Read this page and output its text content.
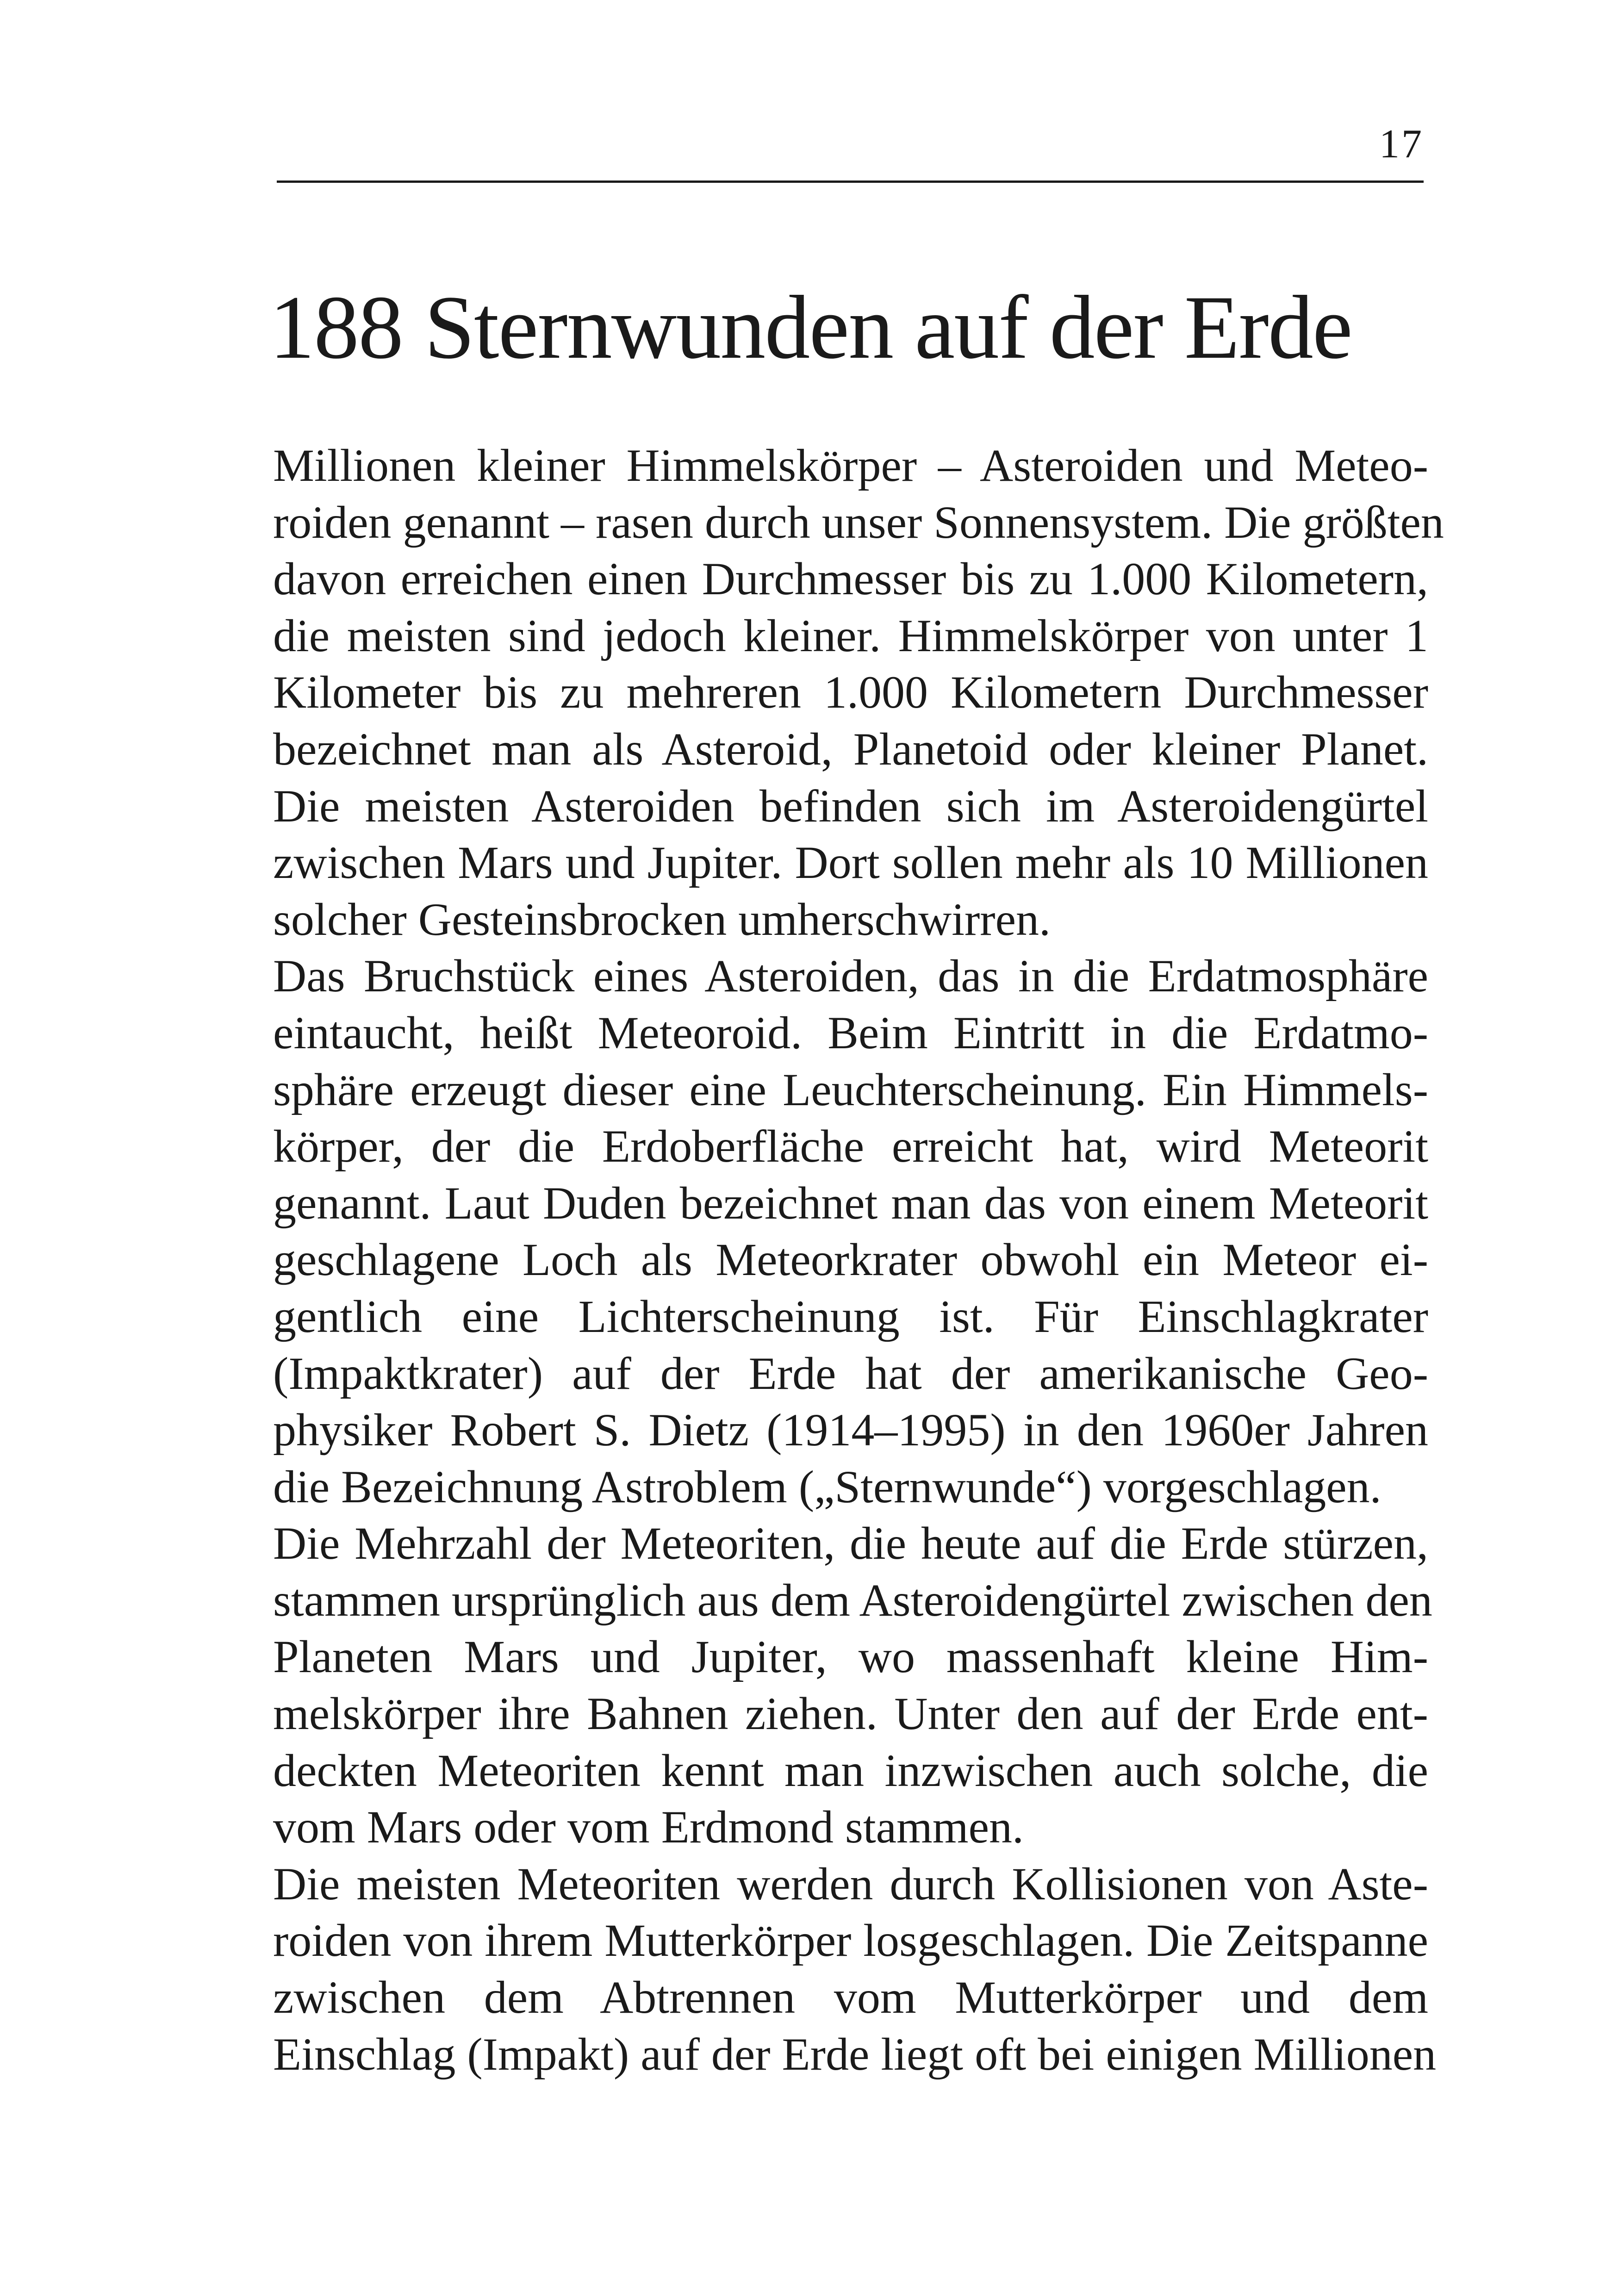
17
188 Sternwunden auf der Erde
Millionen kleiner Himmelskörper – Asteroiden und Meteo-
roiden genannt – rasen durch unser Sonnensystem. Die größten
davon erreichen einen Durchmesser bis zu 1.000 Kilometern,
die meisten sind jedoch kleiner. Himmelskörper von unter 1
Kilometer bis zu mehreren 1.000 Kilometern Durchmesser
bezeichnet man als Asteroid, Planetoid oder kleiner Planet.
Die meisten Asteroiden befinden sich im Asteroidengürtel
zwischen Mars und Jupiter. Dort sollen mehr als 10 Millionen
solcher Gesteinsbrocken umherschwirren.
Das Bruchstück eines Asteroiden, das in die Erdatmosphäre
eintaucht, heißt Meteoroid. Beim Eintritt in die Erdatmo-
sphäre erzeugt dieser eine Leuchterscheinung. Ein Himmels-
körper, der die Erdoberfläche erreicht hat, wird Meteorit
genannt. Laut Duden bezeichnet man das von einem Meteorit
geschlagene Loch als Meteorkrater obwohl ein Meteor ei-
gentlich eine Lichterscheinung ist. Für Einschlagkrater
(Impaktkrater) auf der Erde hat der amerikanische Geo-
physiker Robert S. Dietz (1914–1995) in den 1960er Jahren
die Bezeichnung Astroblem („Sternwunde“) vorgeschlagen.
Die Mehrzahl der Meteoriten, die heute auf die Erde stürzen,
stammen ursprünglich aus dem Asteroidengürtel zwischen den
Planeten Mars und Jupiter, wo massenhaft kleine Him-
melskörper ihre Bahnen ziehen. Unter den auf der Erde ent-
deckten Meteoriten kennt man inzwischen auch solche, die
vom Mars oder vom Erdmond stammen.
Die meisten Meteoriten werden durch Kollisionen von Aste-
roiden von ihrem Mutterkörper losgeschlagen. Die Zeitspanne
zwischen dem Abtrennen vom Mutterkörper und dem
Einschlag (Impakt) auf der Erde liegt oft bei einigen Millionen
